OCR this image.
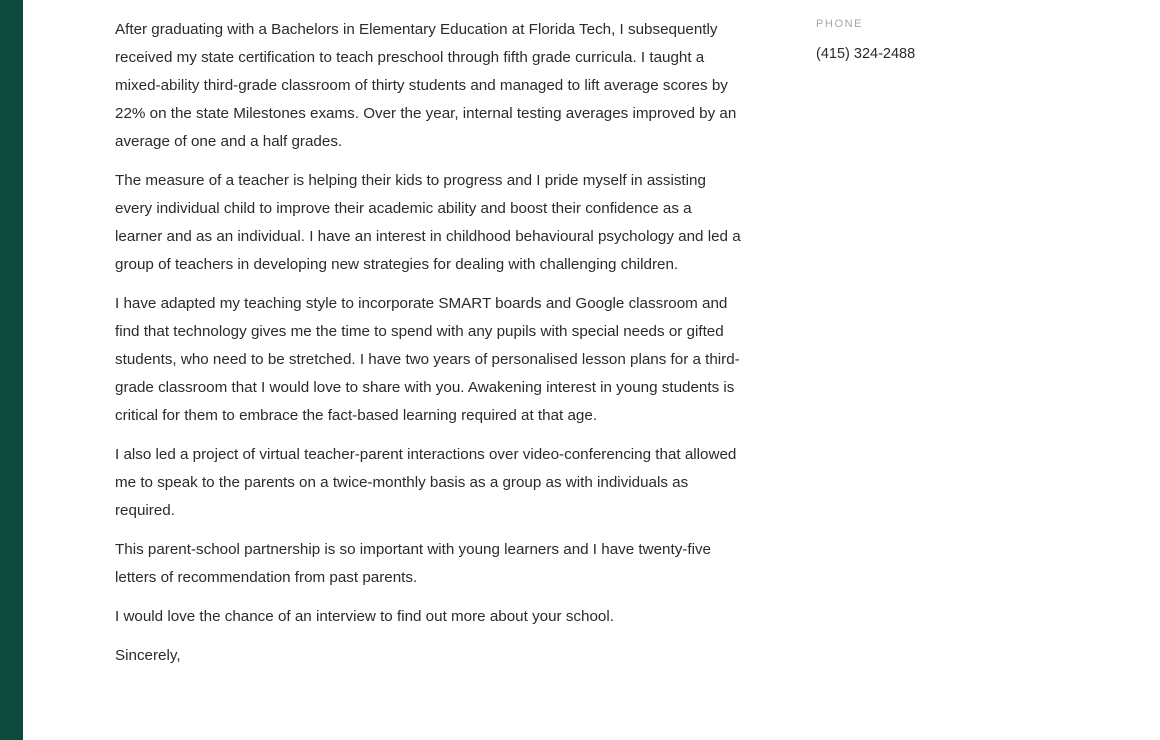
After graduating with a Bachelors in Elementary Education at Florida Tech, I subsequently received my state certification to teach preschool through fifth grade curricula. I taught a mixed-ability third-grade classroom of thirty students and managed to lift average scores by 22% on the state Milestones exams. Over the year, internal testing averages improved by an average of one and a half grades.

The measure of a teacher is helping their kids to progress and I pride myself in assisting every individual child to improve their academic ability and boost their confidence as a learner and as an individual. I have an interest in childhood behavioural psychology and led a group of teachers in developing new strategies for dealing with challenging children.

I have adapted my teaching style to incorporate SMART boards and Google classroom and find that technology gives me the time to spend with any pupils with special needs or gifted students, who need to be stretched. I have two years of personalised lesson plans for a third-grade classroom that I would love to share with you. Awakening interest in young students is critical for them to embrace the fact-based learning required at that age.

I also led a project of virtual teacher-parent interactions over video-conferencing that allowed me to speak to the parents on a twice-monthly basis as a group as with individuals as required.

This parent-school partnership is so important with young learners and I have twenty-five letters of recommendation from past parents.

I would love the chance of an interview to find out more about your school.

Sincerely,

PHONE
(415) 324-2488
